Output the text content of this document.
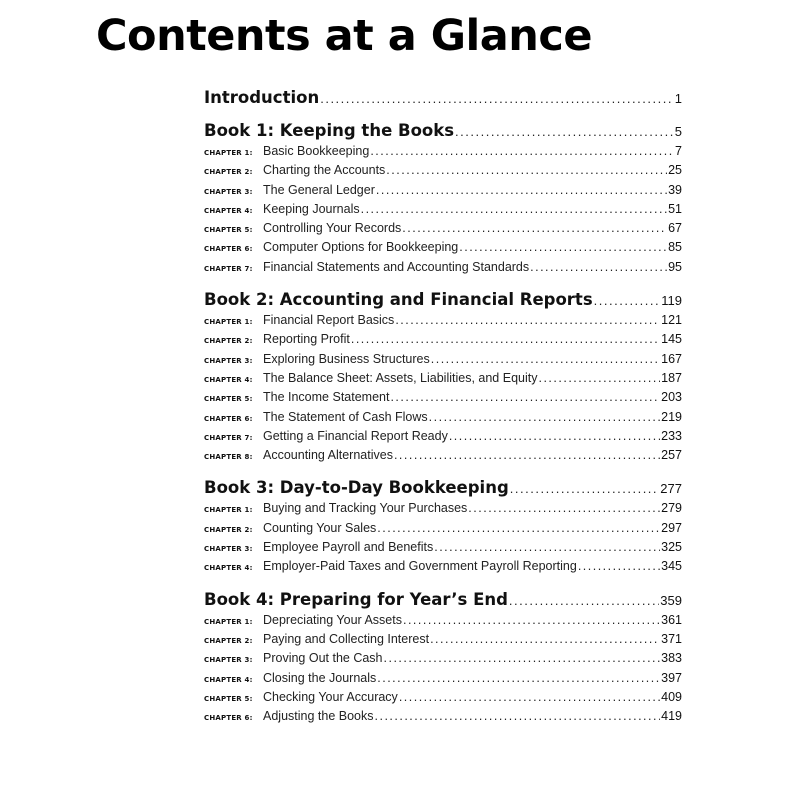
Contents at a Glance
Introduction .....	1
Book 1: Keeping the Books .....	5
CHAPTER 1: Basic Bookkeeping .....	7
CHAPTER 2: Charting the Accounts .....	25
CHAPTER 3: The General Ledger .....	39
CHAPTER 4: Keeping Journals .....	51
CHAPTER 5: Controlling Your Records .....	67
CHAPTER 6: Computer Options for Bookkeeping .....	85
CHAPTER 7: Financial Statements and Accounting Standards .....	95
Book 2: Accounting and Financial Reports .....	119
CHAPTER 1: Financial Report Basics .....	121
CHAPTER 2: Reporting Profit .....	145
CHAPTER 3: Exploring Business Structures .....	167
CHAPTER 4: The Balance Sheet: Assets, Liabilities, and Equity .....	187
CHAPTER 5: The Income Statement .....	203
CHAPTER 6: The Statement of Cash Flows .....	219
CHAPTER 7: Getting a Financial Report Ready .....	233
CHAPTER 8: Accounting Alternatives .....	257
Book 3: Day-to-Day Bookkeeping .....	277
CHAPTER 1: Buying and Tracking Your Purchases .....	279
CHAPTER 2: Counting Your Sales .....	297
CHAPTER 3: Employee Payroll and Benefits .....	325
CHAPTER 4: Employer-Paid Taxes and Government Payroll Reporting .....	345
Book 4: Preparing for Year’s End .....	359
CHAPTER 1: Depreciating Your Assets .....	361
CHAPTER 2: Paying and Collecting Interest .....	371
CHAPTER 3: Proving Out the Cash .....	383
CHAPTER 4: Closing the Journals .....	397
CHAPTER 5: Checking Your Accuracy .....	409
CHAPTER 6: Adjusting the Books .....	419
